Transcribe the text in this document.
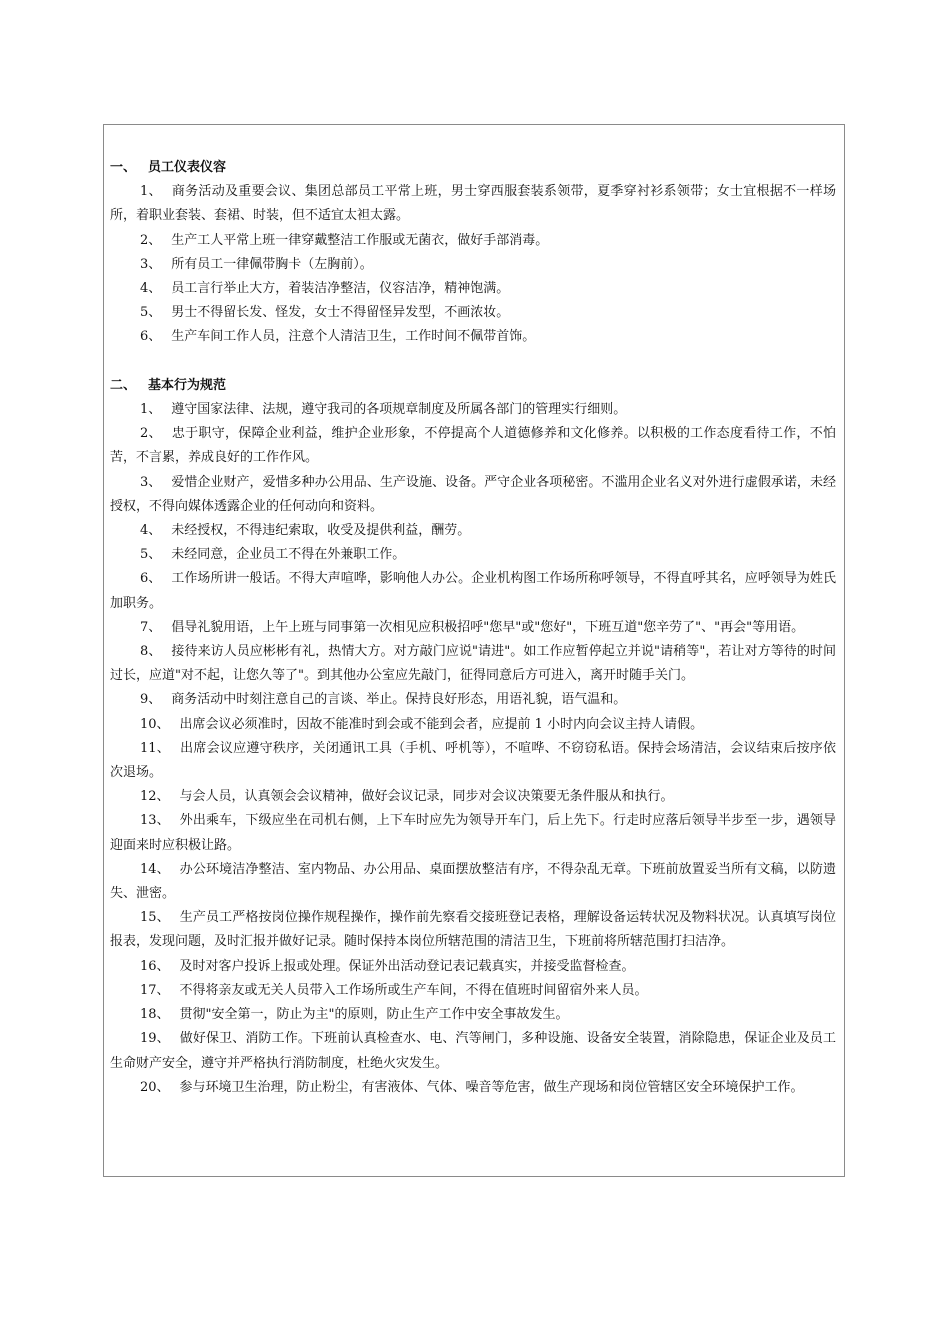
一、 员工仪表仪容

1、 商务活动及重要会议、集团总部员工平常上班，男士穿西服套装系领带，夏季穿衬衫系领带；女士宜根据不一样场所，着职业套装、套裙、时装，但不适宜太袒太露。

2、 生产工人平常上班一律穿戴整洁工作服或无菌衣，做好手部消毒。

3、 所有员工一律佩带胸卡（左胸前）。

4、 员工言行举止大方，着装洁净整洁，仪容洁净，精神饱满。

5、 男士不得留长发、怪发，女士不得留怪异发型，不画浓妆。

6、 生产车间工作人员，注意个人清洁卫生，工作时间不佩带首饰。

二、 基本行为规范

1、 遵守国家法律、法规，遵守我司的各项规章制度及所属各部门的管理实行细则。

2、 忠于职守，保障企业利益，维护企业形象，不停提高个人道德修养和文化修养。以积极的工作态度看待工作，不怕苦，不言累，养成良好的工作作风。

3、 爱惜企业财产，爱惜多种办公用品、生产设施、设备。严守企业各项秘密。不滥用企业名义对外进行虚假承诺，未经授权，不得向媒体透露企业的任何动向和资料。

4、 未经授权，不得违纪索取，收受及提供利益，酬劳。

5、 未经同意，企业员工不得在外兼职工作。

6、 工作场所讲一般话。不得大声喧哗，影响他人办公。企业机构图工作场所称呼领导，不得直呼其名，应呼领导为姓氏加职务。

7、 倡导礼貌用语，上午上班与同事第一次相见应积极招呼"您早"或"您好"，下班互道"您辛劳了"、"再会"等用语。

8、 接待来访人员应彬彬有礼，热情大方。对方敲门应说"请进"。如工作应暂停起立并说"请稍等"，若让对方等待的时间过长，应道"对不起，让您久等了"。到其他办公室应先敲门，征得同意后方可进入，离开时随手关门。

9、 商务活动中时刻注意自己的言谈、举止。保持良好形态，用语礼貌，语气温和。

10、 出席会议必须准时，因故不能准时到会或不能到会者，应提前 1 小时内向会议主持人请假。

11、 出席会议应遵守秩序，关闭通讯工具（手机、呼机等），不喧哗、不窃窃私语。保持会场清洁，会议结束后按序依次退场。

12、 与会人员，认真领会会议精神，做好会议记录，同步对会议决策要无条件服从和执行。

13、 外出乘车，下级应坐在司机右侧，上下车时应先为领导开车门，后上先下。行走时应落后领导半步至一步，遇领导迎面来时应积极让路。

14、 办公环境洁净整洁、室内物品、办公用品、桌面摆放整洁有序，不得杂乱无章。下班前放置妥当所有文稿，以防遗失、泄密。

15、 生产员工严格按岗位操作规程操作，操作前先察看交接班登记表格，理解设备运转状况及物料状况。认真填写岗位报表，发现问题，及时汇报并做好记录。随时保持本岗位所辖范围的清洁卫生，下班前将所辖范围打扫洁净。

16、 及时对客户投诉上报或处理。保证外出活动登记表记载真实，并接受监督检查。

17、 不得将亲友或无关人员带入工作场所或生产车间，不得在值班时间留宿外来人员。

18、 贯彻"安全第一，防止为主"的原则，防止生产工作中安全事故发生。

19、 做好保卫、消防工作。下班前认真检查水、电、汽等闸门，多种设施、设备安全装置，消除隐患，保证企业及员工生命财产安全，遵守并严格执行消防制度，杜绝火灾发生。

20、 参与环境卫生治理，防止粉尘，有害液体、气体、噪音等危害，做生产现场和岗位管辖区安全环境保护工作。
